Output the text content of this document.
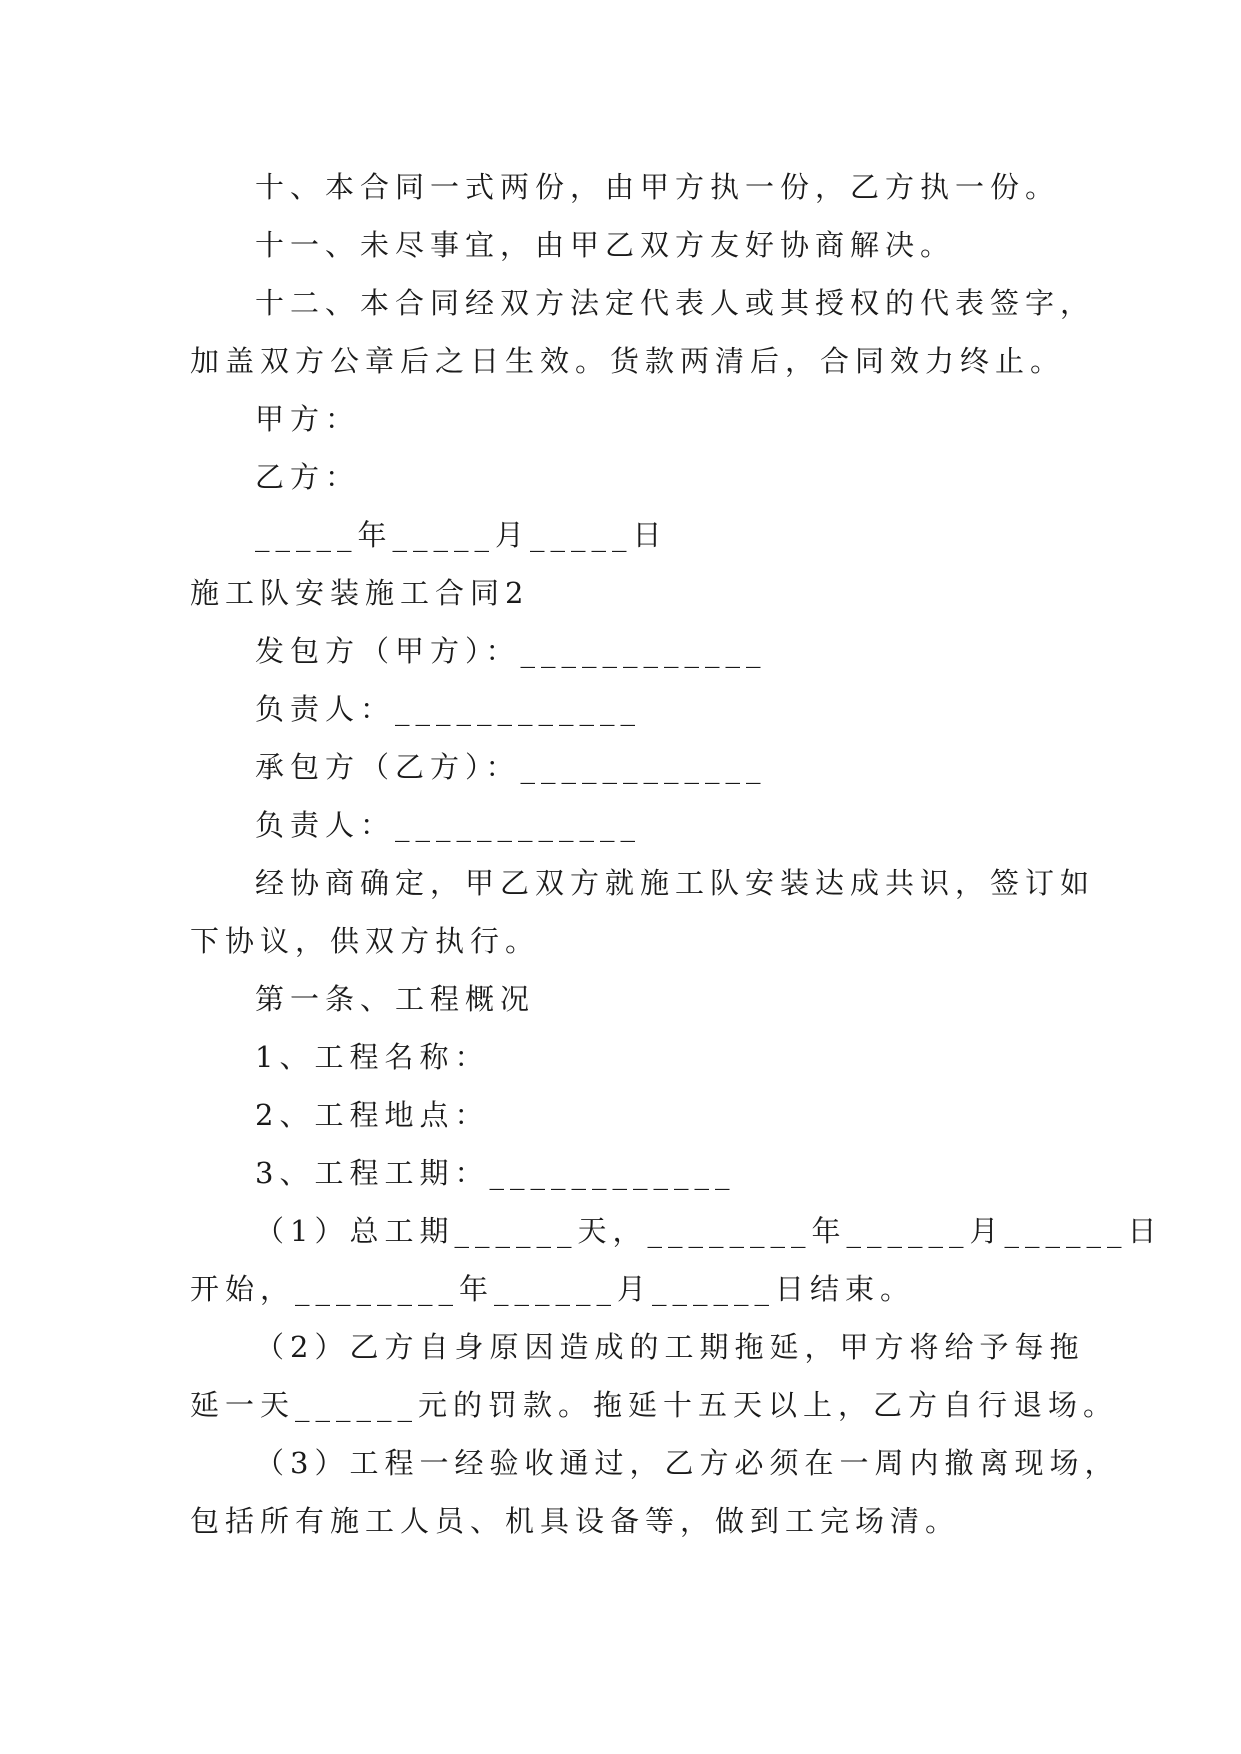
十、本合同一式两份，由甲方执一份，乙方执一份。
十一、未尽事宜，由甲乙双方友好协商解决。
十二、本合同经双方法定代表人或其授权的代表签字，
加盖双方公章后之日生效。货款两清后，合同效力终止。
甲方：
乙方：
_____年_____月_____日
施工队安装施工合同2
发包方（甲方）：____________
负责人：____________
承包方（乙方）：____________
负责人：____________
经协商确定，甲乙双方就施工队安装达成共识，签订如
下协议，供双方执行。
第一条、工程概况
1、工程名称：
2、工程地点：
3、工程工期：____________
（1）总工期______天，________年______月______日
开始，________年______月______日结束。
（2）乙方自身原因造成的工期拖延，甲方将给予每拖
延一天______元的罚款。拖延十五天以上，乙方自行退场。
（3）工程一经验收通过，乙方必须在一周内撤离现场，
包括所有施工人员、机具设备等，做到工完场清。
